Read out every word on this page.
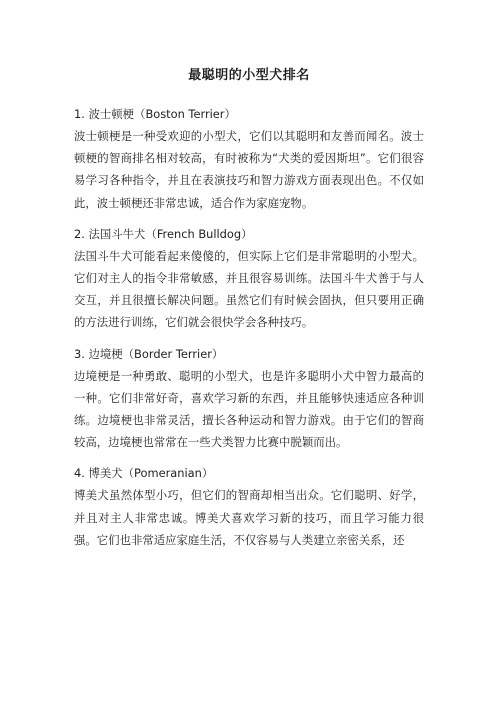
最聪明的小型犬排名

1. 波士顿梗（Boston Terrier）

波士顿梗是一种受欢迎的小型犬，它们以其聪明和友善而闻名。波士顿梗的智商排名相对较高，有时被称为“犬类的爱因斯坦”。它们很容易学习各种指令，并且在表演技巧和智力游戏方面表现出色。不仅如此，波士顿梗还非常忠诚，适合作为家庭宠物。

2. 法国斗牛犬（French Bulldog）

法国斗牛犬可能看起来傻傻的，但实际上它们是非常聪明的小型犬。它们对主人的指令非常敏感，并且很容易训练。法国斗牛犬善于与人交互，并且很擅长解决问题。虽然它们有时候会固执，但只要用正确的方法进行训练，它们就会很快学会各种技巧。

3. 边境梗（Border Terrier）

边境梗是一种勇敢、聪明的小型犬，也是许多聪明小犬中智力最高的一种。它们非常好奇，喜欢学习新的东西，并且能够快速适应各种训练。边境梗也非常灵活，擅长各种运动和智力游戏。由于它们的智商较高，边境梗也常常在一些犬类智力比赛中脱颖而出。

4. 博美犬（Pomeranian）

博美犬虽然体型小巧，但它们的智商却相当出众。它们聪明、好学，并且对主人非常忠诚。博美犬喜欢学习新的技巧，而且学习能力很强。它们也非常适应家庭生活，不仅容易与人类建立亲密关系，还
